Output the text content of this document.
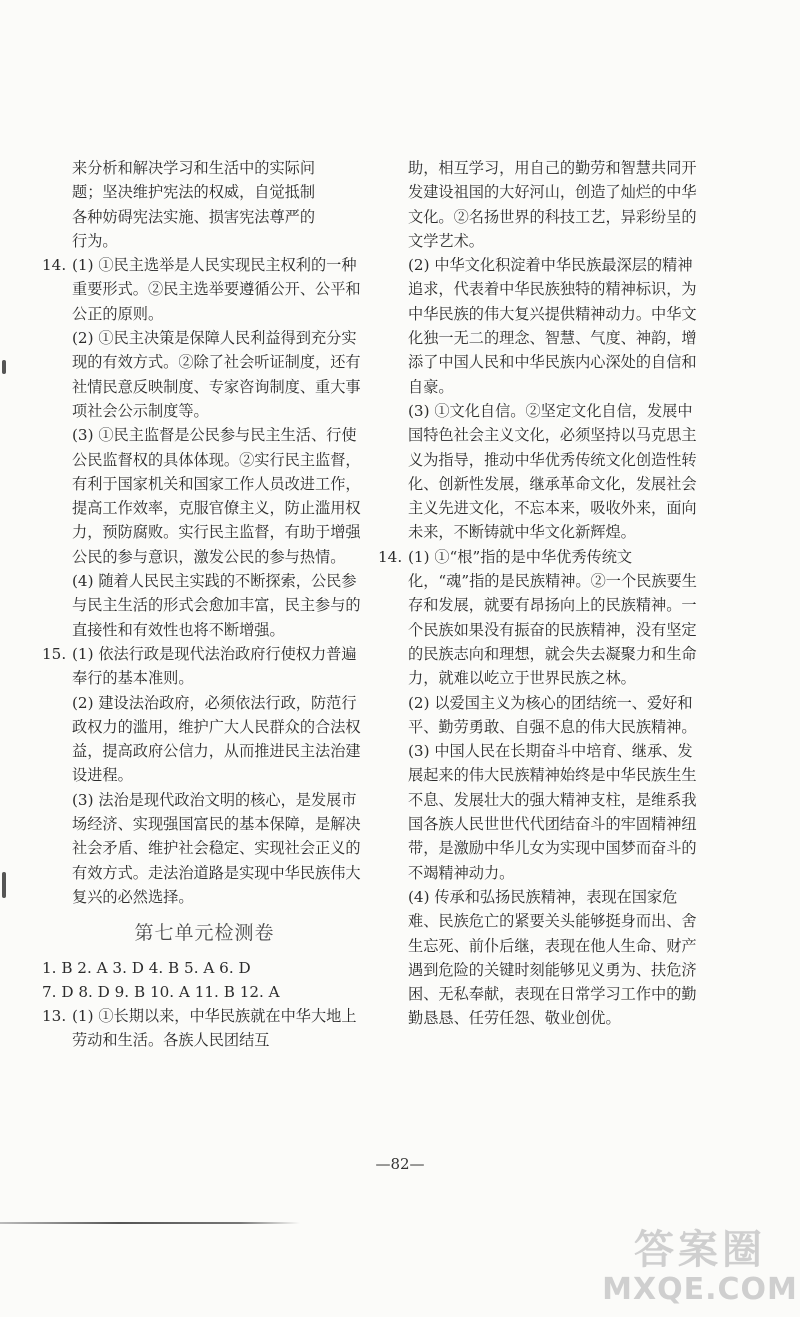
来分析和解决学习和生活中的实际问
题；坚决维护宪法的权威，自觉抵制
各种妨碍宪法实施、损害宪法尊严的
行为。

14. (1) ①民主选举是人民实现民主权利的一种重要形式。②民主选举要遵循公开、公平和公正的原则。

(2) ①民主决策是保障人民利益得到充分实现的有效方式。②除了社会听证制度，还有社情民意反映制度、专家咨询制度、重大事项社会公示制度等。

(3) ①民主监督是公民参与民主生活、行使公民监督权的具体体现。②实行民主监督，有利于国家机关和国家工作人员改进工作，提高工作效率，克服官僚主义，防止滥用权力，预防腐败。实行民主监督，有助于增强公民的参与意识，激发公民的参与热情。

(4) 随着人民民主实践的不断探索，公民参与民主生活的形式会愈加丰富，民主参与的直接性和有效性也将不断增强。

15. (1) 依法行政是现代法治政府行使权力普遍奉行的基本准则。

(2) 建设法治政府，必须依法行政，防范行政权力的滥用，维护广大人民群众的合法权益，提高政府公信力，从而推进民主法治建设进程。

(3) 法治是现代政治文明的核心，是发展市场经济、实现强国富民的基本保障，是解决社会矛盾、维护社会稳定、实现社会正义的有效方式。走法治道路是实现中华民族伟大复兴的必然选择。

第七单元检测卷
1. B 2. A 3. D 4. B 5. A 6. D
7. D 8. D 9. B 10. A 11. B 12. A

13. (1) ①长期以来，中华民族就在中华大地上劳动和生活。各族人民团结互

助，相互学习，用自己的勤劳和智慧共同开发建设祖国的大好河山，创造了灿烂的中华文化。②名扬世界的科技工艺，异彩纷呈的文学艺术。

(2) 中华文化积淀着中华民族最深层的精神追求，代表着中华民族独特的精神标识，为中华民族的伟大复兴提供精神动力。中华文化独一无二的理念、智慧、气度、神韵，增添了中国人民和中华民族内心深处的自信和自豪。

(3) ①文化自信。②坚定文化自信，发展中国特色社会主义文化，必须坚持以马克思主义为指导，推动中华优秀传统文化创造性转化、创新性发展，继承革命文化，发展社会主义先进文化，不忘本来，吸收外来，面向未来，不断铸就中华文化新辉煌。

14. (1) ①“根”指的是中华优秀传统文化，“魂”指的是民族精神。②一个民族要生存和发展，就要有昂扬向上的民族精神。一个民族如果没有振奋的民族精神，没有坚定的民族志向和理想，就会失去凝聚力和生命力，就难以屹立于世界民族之林。

(2) 以爱国主义为核心的团结统一、爱好和平、勤劳勇敢、自强不息的伟大民族精神。

(3) 中国人民在长期奋斗中培育、继承、发展起来的伟大民族精神始终是中华民族生生不息、发展壮大的强大精神支柱，是维系我国各族人民世世代代团结奋斗的牢固精神纽带，是激励中华儿女为实现中国梦而奋斗的不竭精神动力。

(4) 传承和弘扬民族精神，表现在国家危难、民族危亡的紧要关头能够挺身而出、舍生忘死、前仆后继，表现在他人生命、财产遇到危险的关键时刻能够见义勇为、扶危济困、无私奉献，表现在日常学习工作中的勤勤恳恳、任劳任怨、敬业创优。

—82—
答案圈
MXQE.COM
